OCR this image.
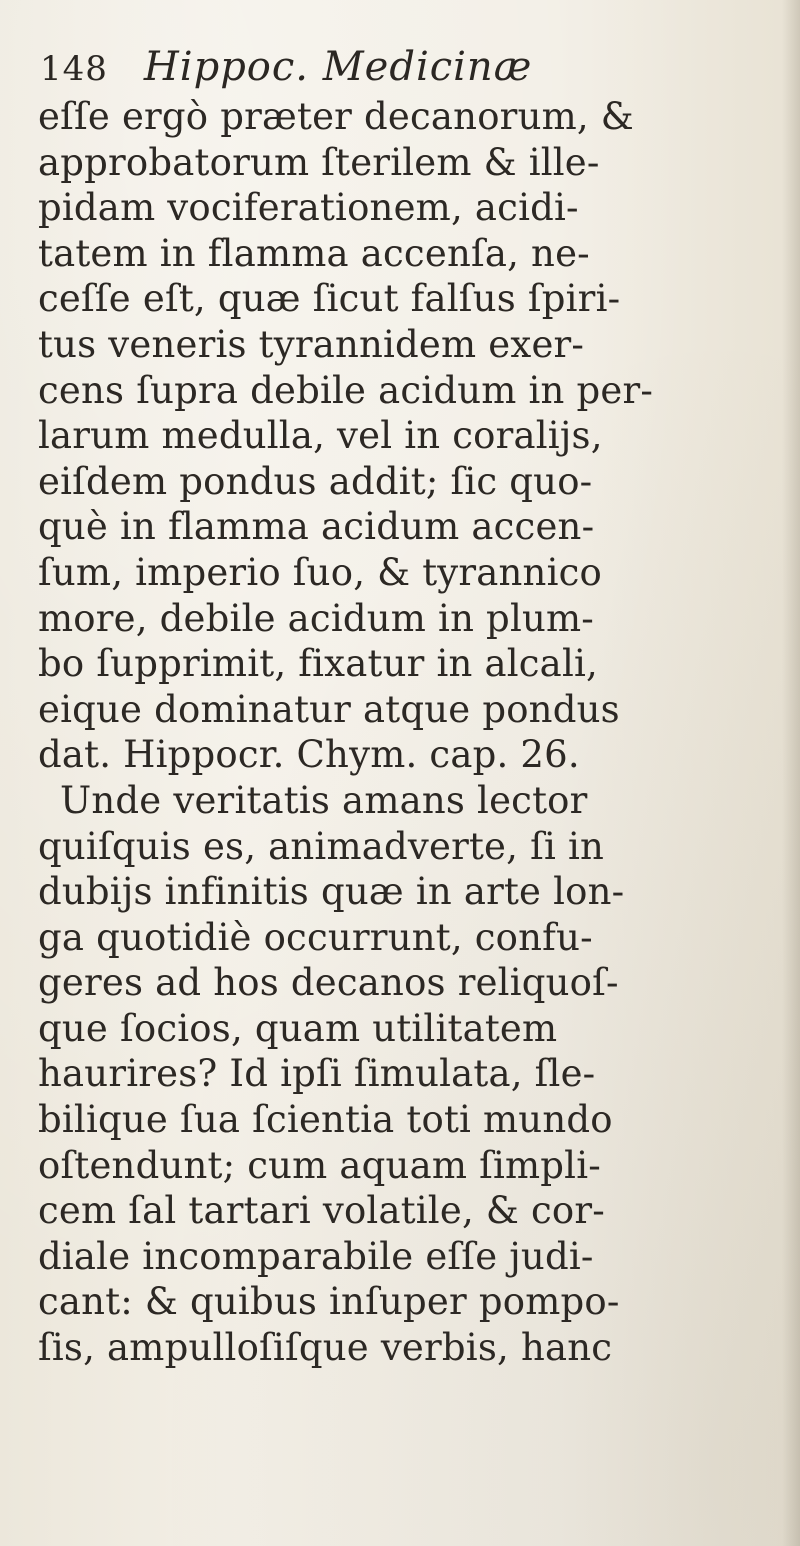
148 Hippoc. Medicinæ
eſſe ergò præter decanorum, &
approbatorum ſterilem & ille-
pidam vociferationem, acidi-
tatem in flamma accenſa, ne-
ceſſe eſt, quæ ſicut falſus ſpiri-
tus veneris tyrannidem exer-
cens ſupra debile acidum in per-
larum medulla, vel in coralijs,
eiſdem pondus addit; ſic quo-
què in flamma acidum accen-
ſum, imperio ſuo, & tyrannico
more, debile acidum in plum-
bo ſupprimit, fixatur in alcali,
eique dominatur atque pondus
dat. Hippocr. Chym. cap. 26.
Unde veritatis amans lector
quiſquis es, animadverte, ſi in
dubijs infinitis quæ in arte lon-
ga quotidiè occurrunt, confu-
geres ad hos decanos reliquoſ-
que ſocios, quam utilitatem
haurires? Id ipſi ſimulata, ſle-
bilique ſua ſcientia toti mundo
oſtendunt; cum aquam ſimpli-
cem ſal tartari volatile, & cor-
diale incomparabile eſſe judi-
cant: & quibus inſuper pompo-
ſis, ampulloſiſque verbis, hanc
